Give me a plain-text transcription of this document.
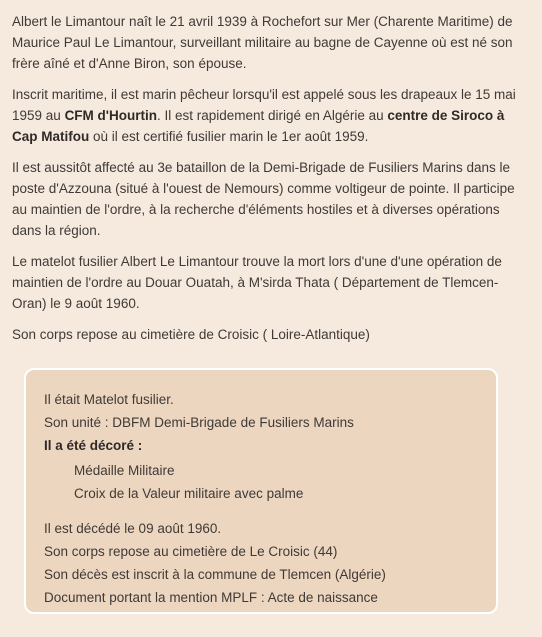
Albert le Limantour naît le 21 avril 1939 à Rochefort sur Mer (Charente Maritime) de Maurice Paul Le Limantour, surveillant militaire au bagne de Cayenne où est né son frère aîné et d'Anne Biron, son épouse.

Inscrit maritime, il est marin pêcheur lorsqu'il est appelé sous les drapeaux le 15 mai 1959 au CFM d'Hourtin. Il est rapidement dirigé en Algérie au centre de Siroco à Cap Matifou où il est certifié fusilier marin le 1er août 1959.

Il est aussitôt affecté au 3e bataillon de la Demi-Brigade de Fusiliers Marins dans le poste d'Azzouna (situé à l'ouest de Nemours) comme voltigeur de pointe. Il participe au maintien de l'ordre, à la recherche d'éléments hostiles et à diverses opérations dans la région.

Le matelot fusilier Albert Le Limantour trouve la mort lors d'une d'une opération de maintien de l'ordre au Douar Ouatah, à M'sirda Thata ( Département de Tlemcen-Oran) le 9 août 1960.

Son corps repose au cimetière de Croisic ( Loire-Atlantique)

Il était Matelot fusilier.
Son unité : DBFM Demi-Brigade de Fusiliers Marins
Il a été décoré :
Médaille Militaire
Croix de la Valeur militaire avec palme
Il est décédé le 09 août 1960.
Son corps repose au cimetière de Le Croisic (44)
Son décès est inscrit à la commune de Tlemcen (Algérie)
Document portant la mention MPLF : Acte de naissance
